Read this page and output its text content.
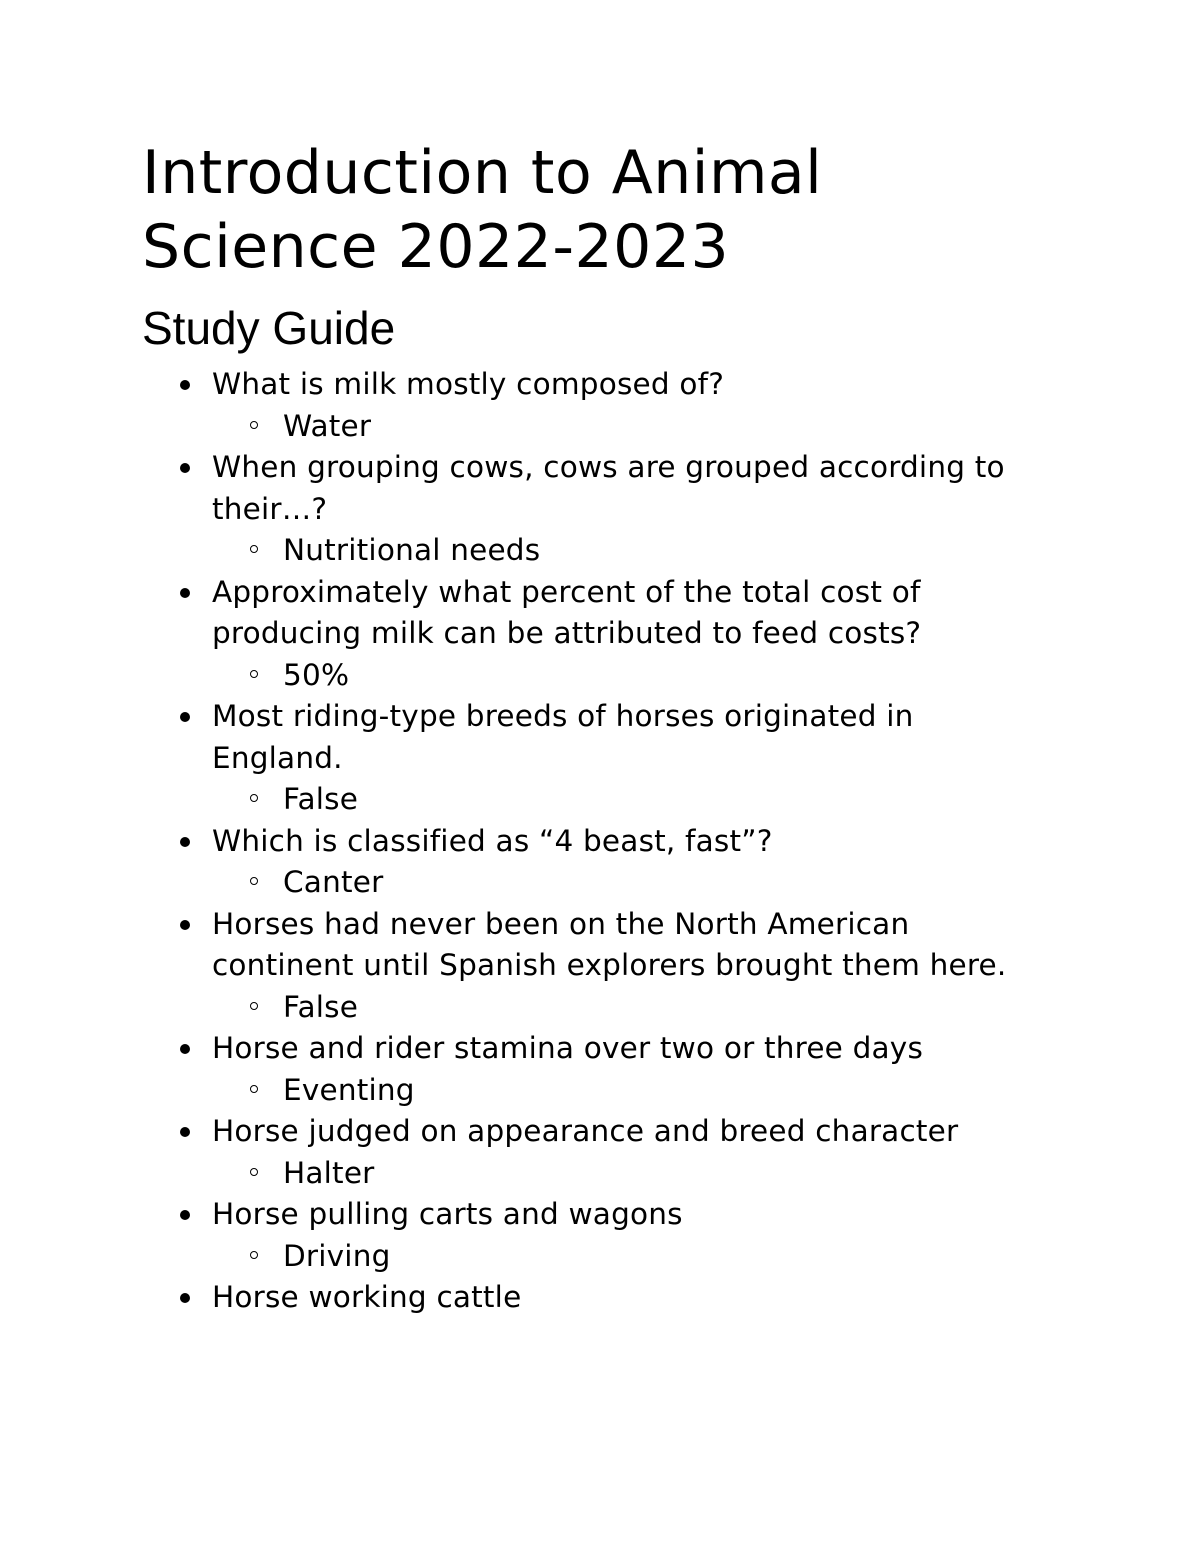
Introduction to Animal
Science 2022-2023
Study Guide
What is milk mostly composed of?
Water
When grouping cows, cows are grouped according to their…?
Nutritional needs
Approximately what percent of the total cost of producing milk can be attributed to feed costs?
50%
Most riding-type breeds of horses originated in England.
False
Which is classified as “4 beast, fast”?
Canter
Horses had never been on the North American continent until Spanish explorers brought them here.
False
Horse and rider stamina over two or three days
Eventing
Horse judged on appearance and breed character
Halter
Horse pulling carts and wagons
Driving
Horse working cattle
